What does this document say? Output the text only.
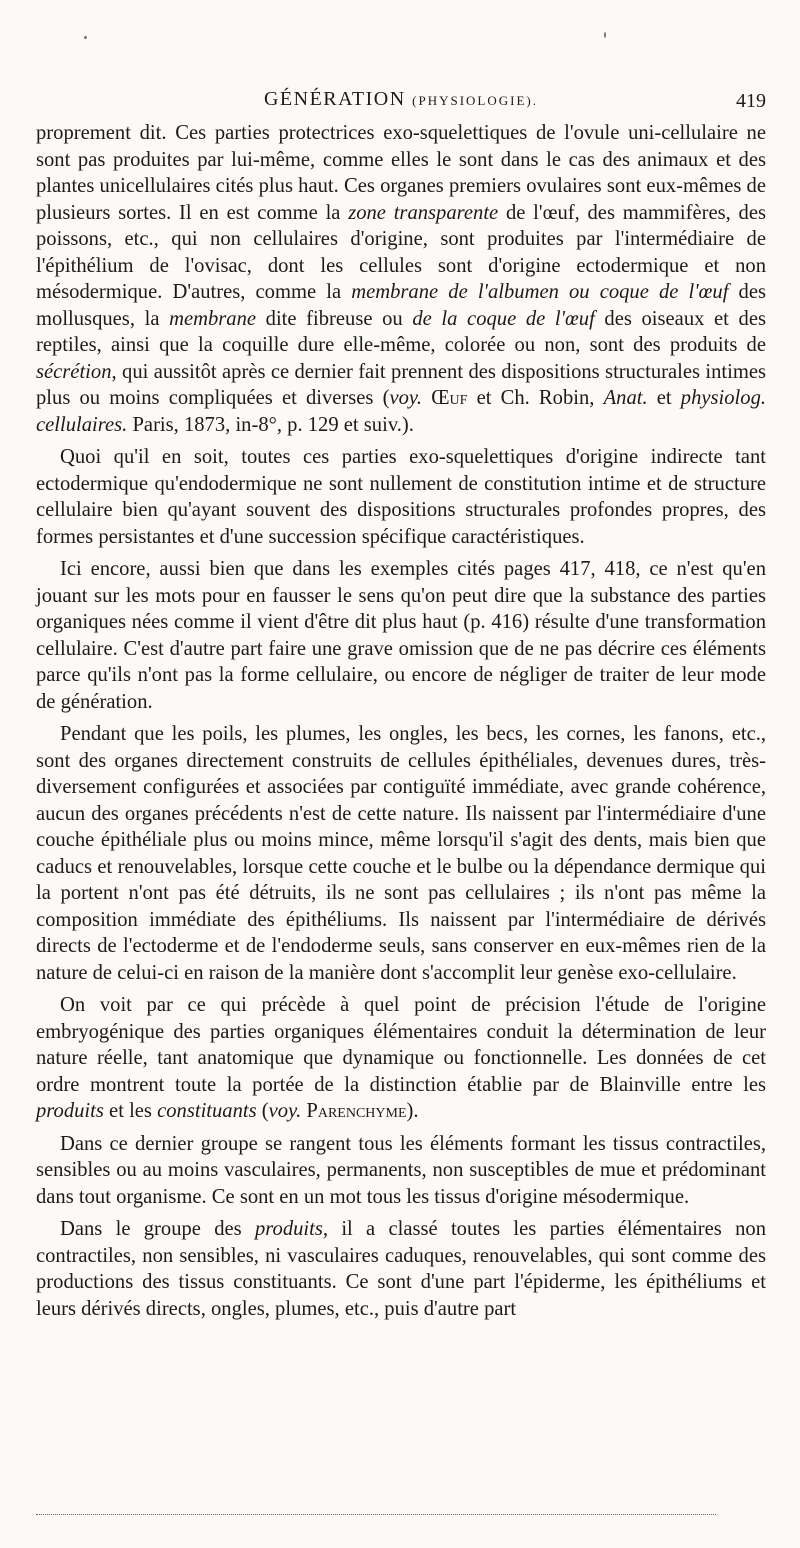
GÉNÉRATION (PHYSIOLOGIE).	419

proprement dit. Ces parties protectrices exo-squelettiques de l'ovule uni-cellulaire ne sont pas produites par lui-même, comme elles le sont dans le cas des animaux et des plantes unicellulaires cités plus haut. Ces organes premiers ovulaires sont eux-mêmes de plusieurs sortes. Il en est comme la zone transparente de l'œuf, des mammifères, des poissons, etc., qui non cellulaires d'origine, sont produites par l'intermédiaire de l'épithélium de l'ovisac, dont les cellules sont d'origine ectodermique et non mésodermique. D'autres, comme la membrane de l'albumen ou coque de l'œuf des mollusques, la membrane dite fibreuse ou de la coque de l'œuf des oiseaux et des reptiles, ainsi que la coquille dure elle-même, colorée ou non, sont des produits de sécrétion, qui aussitôt après ce dernier fait prennent des dispositions structurales intimes plus ou moins compliquées et diverses (voy. Œuf et Ch. Robin, Anat. et physiolog. cellulaires. Paris, 1873, in-8°, p. 129 et suiv.).

Quoi qu'il en soit, toutes ces parties exo-squelettiques d'origine indirecte tant ectodermique qu'endodermique ne sont nullement de constitution intime et de structure cellulaire bien qu'ayant souvent des dispositions structurales profondes propres, des formes persistantes et d'une succession spécifique caractéristiques.

Ici encore, aussi bien que dans les exemples cités pages 417, 418, ce n'est qu'en jouant sur les mots pour en fausser le sens qu'on peut dire que la substance des parties organiques nées comme il vient d'être dit plus haut (p. 416) résulte d'une transformation cellulaire. C'est d'autre part faire une grave omission que de ne pas décrire ces éléments parce qu'ils n'ont pas la forme cellulaire, ou encore de négliger de traiter de leur mode de génération.

Pendant que les poils, les plumes, les ongles, les becs, les cornes, les fanons, etc., sont des organes directement construits de cellules épithéliales, devenues dures, très-diversement configurées et associées par contiguïté immédiate, avec grande cohérence, aucun des organes précédents n'est de cette nature. Ils naissent par l'intermédiaire d'une couche épithéliale plus ou moins mince, même lorsqu'il s'agit des dents, mais bien que caducs et renouvelables, lorsque cette couche et le bulbe ou la dépendance dermique qui la portent n'ont pas été détruits, ils ne sont pas cellulaires ; ils n'ont pas même la composition immédiate des épithéliums. Ils naissent par l'intermédiaire de dérivés directs de l'ectoderme et de l'endoderme seuls, sans conserver en eux-mêmes rien de la nature de celui-ci en raison de la manière dont s'accomplit leur genèse exo-cellulaire.

On voit par ce qui précède à quel point de précision l'étude de l'origine embryogénique des parties organiques élémentaires conduit la détermination de leur nature réelle, tant anatomique que dynamique ou fonctionnelle. Les données de cet ordre montrent toute la portée de la distinction établie par de Blainville entre les produits et les constituants (voy. Parenchyme).

Dans ce dernier groupe se rangent tous les éléments formant les tissus contractiles, sensibles ou au moins vasculaires, permanents, non susceptibles de mue et prédominant dans tout organisme. Ce sont en un mot tous les tissus d'origine mésodermique.

Dans le groupe des produits, il a classé toutes les parties élémentaires non contractiles, non sensibles, ni vasculaires caduques, renouvelables, qui sont comme des productions des tissus constituants. Ce sont d'une part l'épiderme, les épithéliums et leurs dérivés directs, ongles, plumes, etc., puis d'autre part
